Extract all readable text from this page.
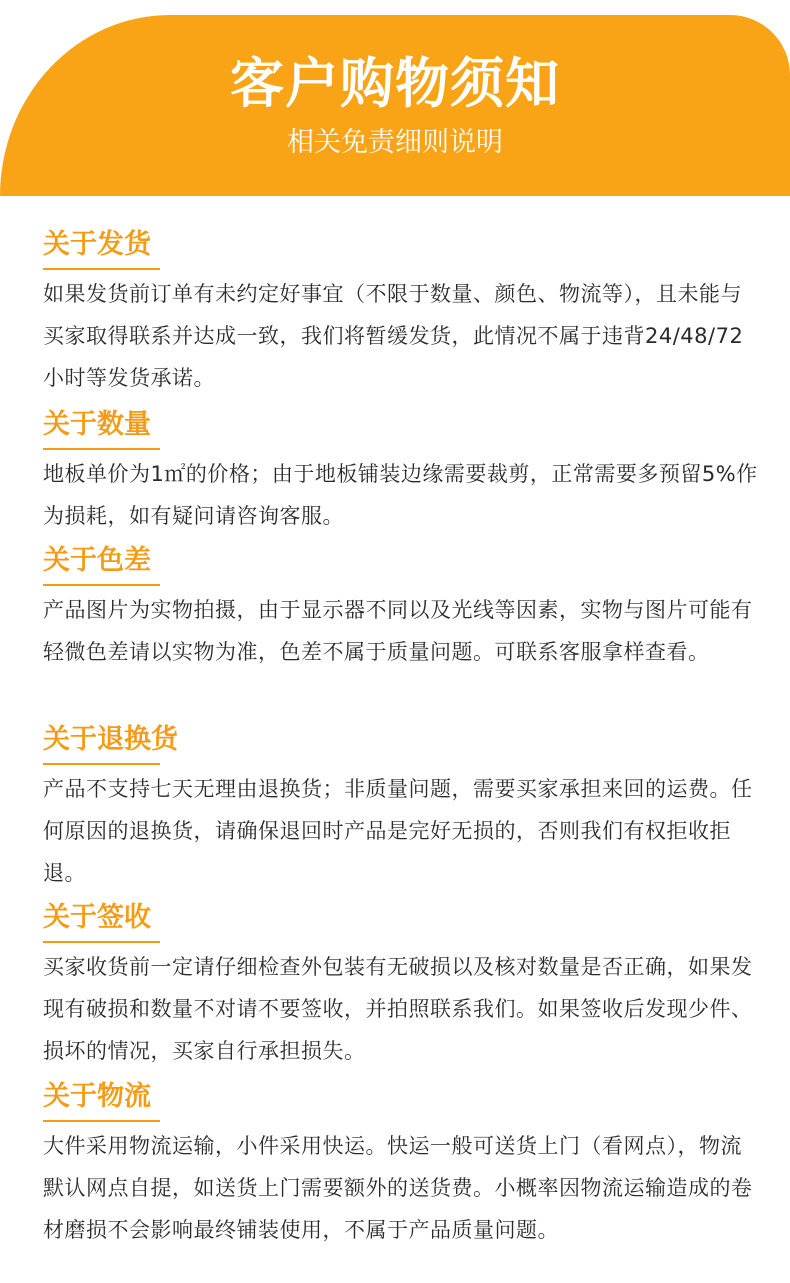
客户购物须知
相关免责细则说明
关于发货
如果发货前订单有未约定好事宜（不限于数量、颜色、物流等），且未能与买家取得联系并达成一致，我们将暂缓发货，此情况不属于违背24/48/72小时等发货承诺。
关于数量
地板单价为1㎡的价格；由于地板铺装边缘需要裁剪，正常需要多预留5%作为损耗，如有疑问请咨询客服。
关于色差
产品图片为实物拍摄，由于显示器不同以及光线等因素，实物与图片可能有轻微色差请以实物为准，色差不属于质量问题。可联系客服拿样查看。
关于退换货
产品不支持七天无理由退换货；非质量问题，需要买家承担来回的运费。任何原因的退换货，请确保退回时产品是完好无损的，否则我们有权拒收拒退。
关于签收
买家收货前一定请仔细检查外包装有无破损以及核对数量是否正确，如果发现有破损和数量不对请不要签收，并拍照联系我们。如果签收后发现少件、损坏的情况，买家自行承担损失。
关于物流
大件采用物流运输，小件采用快运。快运一般可送货上门（看网点），物流默认网点自提，如送货上门需要额外的送货费。小概率因物流运输造成的卷材磨损不会影响最终铺装使用，不属于产品质量问题。
